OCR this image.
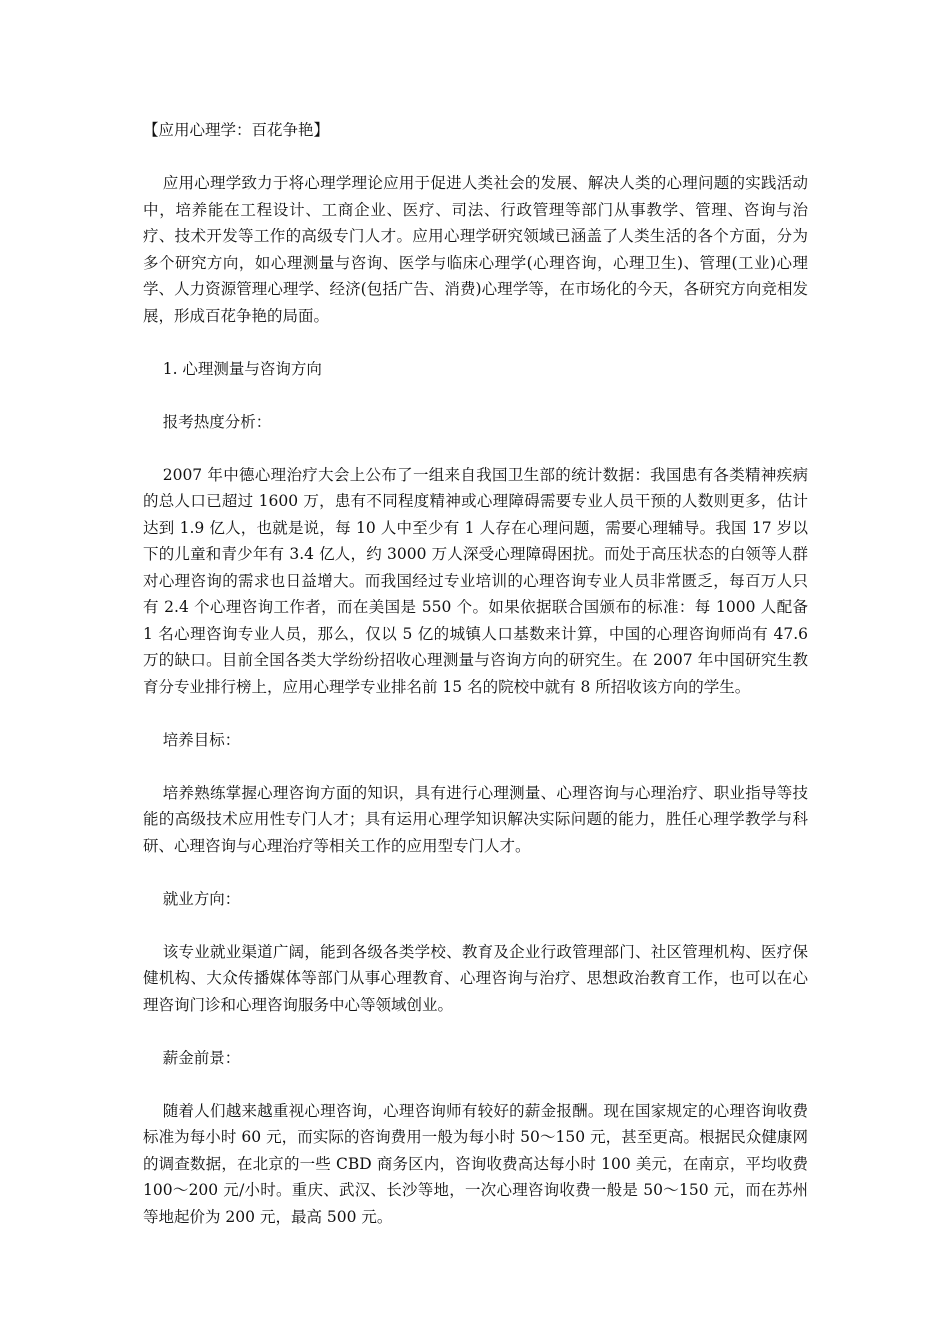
【应用心理学：百花争艳】

应用心理学致力于将心理学理论应用于促进人类社会的发展、解决人类的心理问题的实践活动中，培养能在工程设计、工商企业、医疗、司法、行政管理等部门从事教学、管理、咨询与治疗、技术开发等工作的高级专门人才。应用心理学研究领域已涵盖了人类生活的各个方面，分为多个研究方向，如心理测量与咨询、医学与临床心理学(心理咨询，心理卫生)、管理(工业)心理学、人力资源管理心理学、经济(包括广告、消费)心理学等，在市场化的今天，各研究方向竞相发展，形成百花争艳的局面。

1. 心理测量与咨询方向

报考热度分析：

2007 年中德心理治疗大会上公布了一组来自我国卫生部的统计数据：我国患有各类精神疾病的总人口已超过 1600 万，患有不同程度精神或心理障碍需要专业人员干预的人数则更多，估计达到 1.9 亿人，也就是说，每 10 人中至少有 1 人存在心理问题，需要心理辅导。我国 17 岁以下的儿童和青少年有 3.4 亿人，约 3000 万人深受心理障碍困扰。而处于高压状态的白领等人群对心理咨询的需求也日益增大。而我国经过专业培训的心理咨询专业人员非常匮乏，每百万人只有 2.4 个心理咨询工作者，而在美国是 550 个。如果依据联合国颁布的标准：每 1000 人配备 1 名心理咨询专业人员，那么，仅以 5 亿的城镇人口基数来计算，中国的心理咨询师尚有 47.6 万的缺口。目前全国各类大学纷纷招收心理测量与咨询方向的研究生。在 2007 年中国研究生教育分专业排行榜上，应用心理学专业排名前 15 名的院校中就有 8 所招收该方向的学生。

培养目标：

培养熟练掌握心理咨询方面的知识，具有进行心理测量、心理咨询与心理治疗、职业指导等技能的高级技术应用性专门人才；具有运用心理学知识解决实际问题的能力，胜任心理学教学与科研、心理咨询与心理治疗等相关工作的应用型专门人才。

就业方向：

该专业就业渠道广阔，能到各级各类学校、教育及企业行政管理部门、社区管理机构、医疗保健机构、大众传播媒体等部门从事心理教育、心理咨询与治疗、思想政治教育工作，也可以在心理咨询门诊和心理咨询服务中心等领域创业。

薪金前景：

随着人们越来越重视心理咨询，心理咨询师有较好的薪金报酬。现在国家规定的心理咨询收费标准为每小时 60 元，而实际的咨询费用一般为每小时 50～150 元，甚至更高。根据民众健康网的调查数据，在北京的一些 CBD 商务区内，咨询收费高达每小时 100 美元，在南京，平均收费 100～200 元/小时。重庆、武汉、长沙等地，一次心理咨询收费一般是 50～150 元，而在苏州等地起价为 200 元，最高 500 元。
